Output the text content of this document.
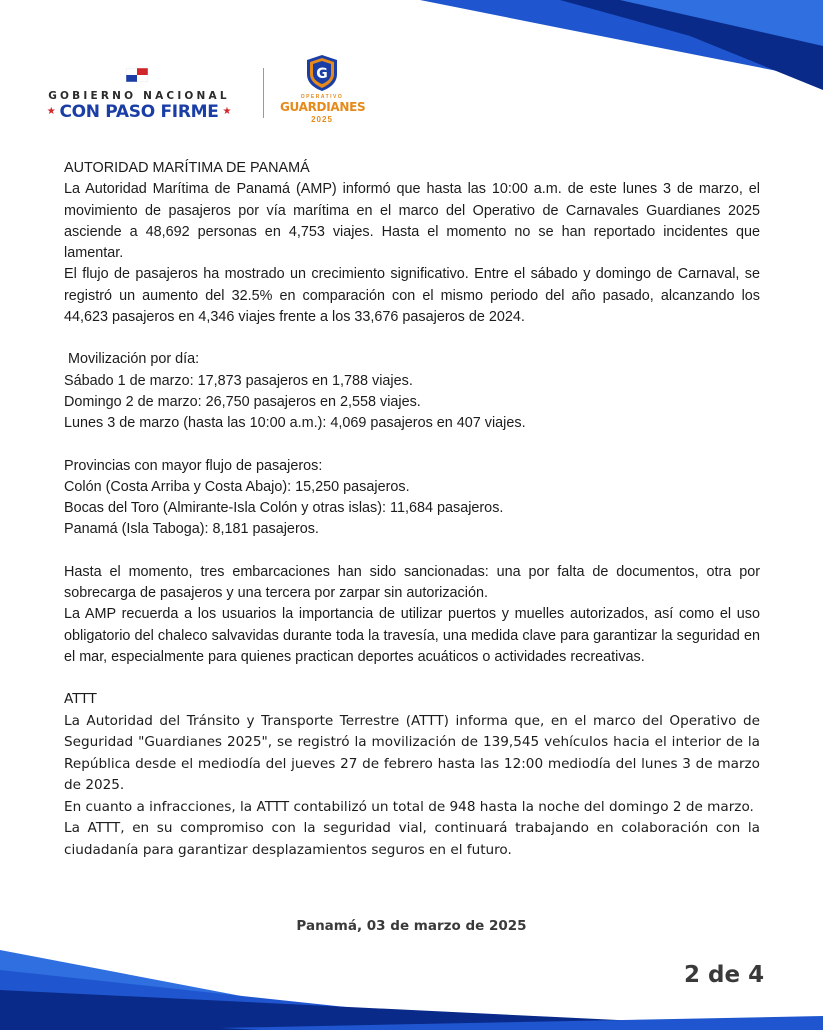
GOBIERNO NACIONAL
★ CON PASO FIRME ★
G
OPERATIVO
GUARDIANES
2025

AUTORIDAD MARÍTIMA DE PANAMÁ

La Autoridad Marítima de Panamá (AMP) informó que hasta las 10:00 a.m. de este lunes 3 de marzo, el movimiento de pasajeros por vía marítima en el marco del Operativo de Carnavales Guardianes 2025 asciende a 48,692 personas en 4,753 viajes. Hasta el momento no se han reportado incidentes que lamentar.

El flujo de pasajeros ha mostrado un crecimiento significativo. Entre el sábado y domingo de Carnaval, se registró un aumento del 32.5% en comparación con el mismo periodo del año pasado, alcanzando los 44,623 pasajeros en 4,346 viajes frente a los 33,676 pasajeros de 2024.

Movilización por día:

Sábado 1 de marzo: 17,873 pasajeros en 1,788 viajes.

Domingo 2 de marzo: 26,750 pasajeros en 2,558 viajes.

Lunes 3 de marzo (hasta las 10:00 a.m.): 4,069 pasajeros en 407 viajes.

Provincias con mayor flujo de pasajeros:

Colón (Costa Arriba y Costa Abajo): 15,250 pasajeros.

Bocas del Toro (Almirante-Isla Colón y otras islas): 11,684 pasajeros.

Panamá (Isla Taboga): 8,181 pasajeros.

Hasta el momento, tres embarcaciones han sido sancionadas: una por falta de documentos, otra por sobrecarga de pasajeros y una tercera por zarpar sin autorización.

La AMP recuerda a los usuarios la importancia de utilizar puertos y muelles autorizados, así como el uso obligatorio del chaleco salvavidas durante toda la travesía, una medida clave para garantizar la seguridad en el mar, especialmente para quienes practican deportes acuáticos o actividades recreativas.

ATTT

La Autoridad del Tránsito y Transporte Terrestre (ATTT) informa que, en el marco del Operativo de Seguridad "Guardianes 2025", se registró la movilización de 139,545 vehículos hacia el interior de la República desde el mediodía del jueves 27 de febrero hasta las 12:00 mediodía del lunes 3 de marzo de 2025.

En cuanto a infracciones, la ATTT contabilizó un total de 948 hasta la noche del domingo 2 de marzo.

La ATTT, en su compromiso con la seguridad vial, continuará trabajando en colaboración con la ciudadanía para garantizar desplazamientos seguros en el futuro.

Panamá, 03 de marzo de 2025
2 de 4
